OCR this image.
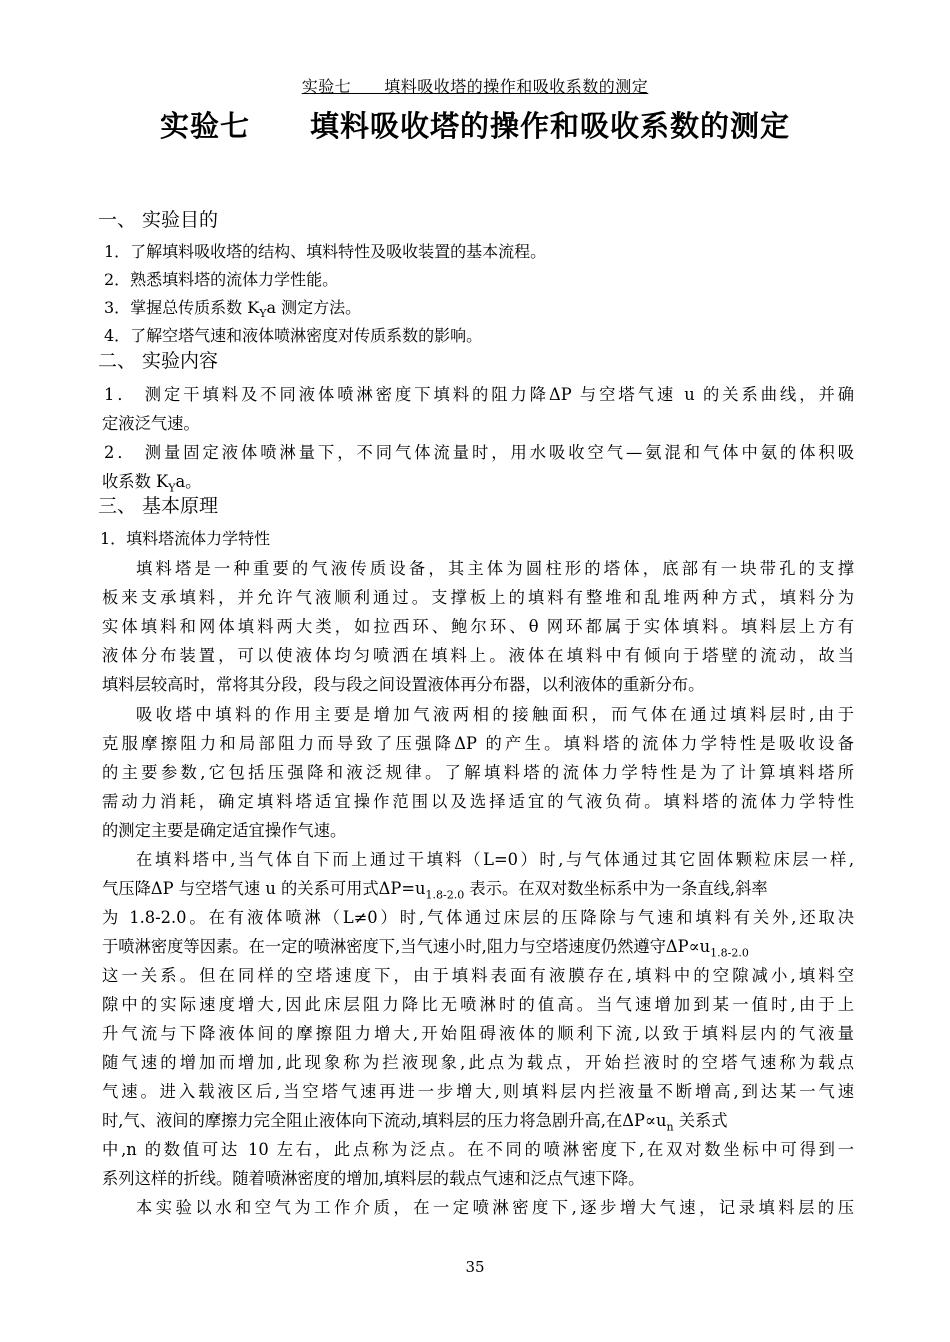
实验七　　填料吸收塔的操作和吸收系数的测定
实验七　　填料吸收塔的操作和吸收系数的测定
一、 实验目的
1．了解填料吸收塔的结构、填料特性及吸收装置的基本流程。
2．熟悉填料塔的流体力学性能。
3．掌握总传质系数 $K_Ya$ 测定方法。
4．了解空塔气速和液体喷淋密度对传质系数的影响。
二、 实验内容
1． 测定干填料及不同液体喷淋密度下填料的阻力降ΔP 与空塔气速 u 的关系曲线，并确
定液泛气速。
2． 测量固定液体喷淋量下，不同气体流量时，用水吸收空气—氨混和气体中氨的体积吸
收系数 $K_Ya$。
三、 基本原理
1．填料塔流体力学特性
填料塔是一种重要的气液传质设备，其主体为圆柱形的塔体，底部有一块带孔的支撑
板来支承填料，并允许气液顺利通过。支撑板上的填料有整堆和乱堆两种方式，填料分为
实体填料和网体填料两大类，如拉西环、鲍尔环、θ 网环都属于实体填料。填料层上方有
液体分布装置，可以使液体均匀喷洒在填料上。液体在填料中有倾向于塔壁的流动，故当
填料层较高时，常将其分段，段与段之间设置液体再分布器，以利液体的重新分布。
吸收塔中填料的作用主要是增加气液两相的接触面积，而气体在通过填料层时,由于
克服摩擦阻力和局部阻力而导致了压强降ΔP 的产生。填料塔的流体力学特性是吸收设备
的主要参数,它包括压强降和液泛规律。了解填料塔的流体力学特性是为了计算填料塔所
需动力消耗，确定填料塔适宜操作范围以及选择适宜的气液负荷。填料塔的流体力学特性
的测定主要是确定适宜操作气速。
在填料塔中,当气体自下而上通过干填料（L=0）时,与气体通过其它固体颗粒床层一样,
气压降ΔP 与空塔气速 u 的关系可用式$\Delta P=u_{1.8-2.0}$ 表示。在双对数坐标系中为一条直线,斜率
为 1.8-2.0。在有液体喷淋（L≠0）时,气体通过床层的压降除与气速和填料有关外,还取决
于喷淋密度等因素。在一定的喷淋密度下,当气速小时,阻力与空塔速度仍然遵守$\Delta P\propto u_{1.8-2.0}$
这一关系。但在同样的空塔速度下，由于填料表面有液膜存在,填料中的空隙减小,填料空
隙中的实际速度增大,因此床层阻力降比无喷淋时的值高。当气速增加到某一值时,由于上
升气流与下降液体间的摩擦阻力增大,开始阻碍液体的顺利下流,以致于填料层内的气液量
随气速的增加而增加,此现象称为拦液现象,此点为载点，开始拦液时的空塔气速称为载点
气速。进入载液区后,当空塔气速再进一步增大,则填料层内拦液量不断增高,到达某一气速
时,气、液间的摩擦力完全阻止液体向下流动,填料层的压力将急剧升高,在$\Delta P\propto u_n$ 关系式
中,n 的数值可达 10 左右，此点称为泛点。在不同的喷淋密度下,在双对数坐标中可得到一
系列这样的折线。随着喷淋密度的增加,填料层的载点气速和泛点气速下降。
本实验以水和空气为工作介质，在一定喷淋密度下,逐步增大气速，记录填料层的压
35
